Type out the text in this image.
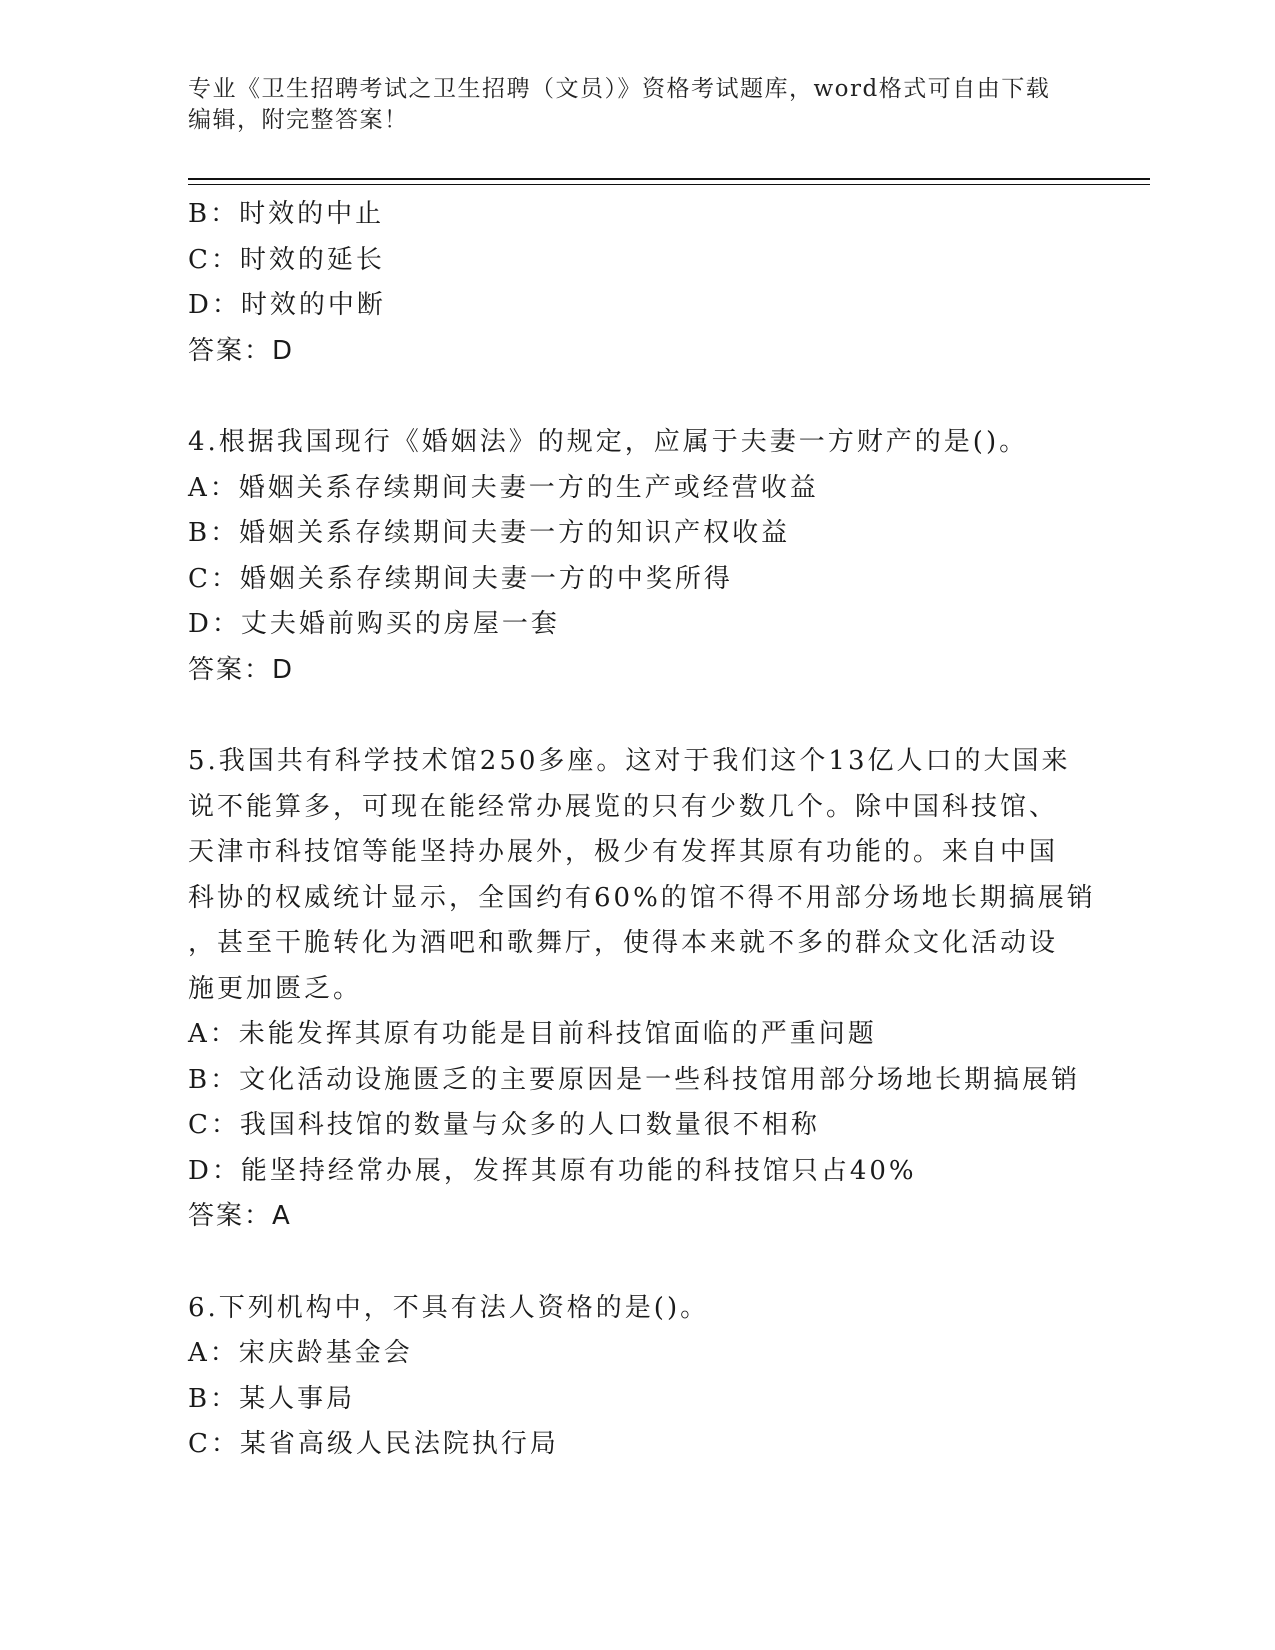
专业《卫生招聘考试之卫生招聘（文员）》资格考试题库，word格式可自由下载
编辑，附完整答案！
B：时效的中止
C：时效的延长
D：时效的中断
答案：D
4.根据我国现行《婚姻法》的规定，应属于夫妻一方财产的是()。
A：婚姻关系存续期间夫妻一方的生产或经营收益
B：婚姻关系存续期间夫妻一方的知识产权收益
C：婚姻关系存续期间夫妻一方的中奖所得
D：丈夫婚前购买的房屋一套
答案：D
5.我国共有科学技术馆250多座。这对于我们这个13亿人口的大国来
说不能算多，可现在能经常办展览的只有少数几个。除中国科技馆、
天津市科技馆等能坚持办展外，极少有发挥其原有功能的。来自中国
科协的权威统计显示，全国约有60%的馆不得不用部分场地长期搞展销
，甚至干脆转化为酒吧和歌舞厅，使得本来就不多的群众文化活动设
施更加匮乏。
A：未能发挥其原有功能是目前科技馆面临的严重问题
B：文化活动设施匮乏的主要原因是一些科技馆用部分场地长期搞展销
C：我国科技馆的数量与众多的人口数量很不相称
D：能坚持经常办展，发挥其原有功能的科技馆只占40%
答案：A
6.下列机构中，不具有法人资格的是()。
A：宋庆龄基金会
B：某人事局
C：某省高级人民法院执行局
